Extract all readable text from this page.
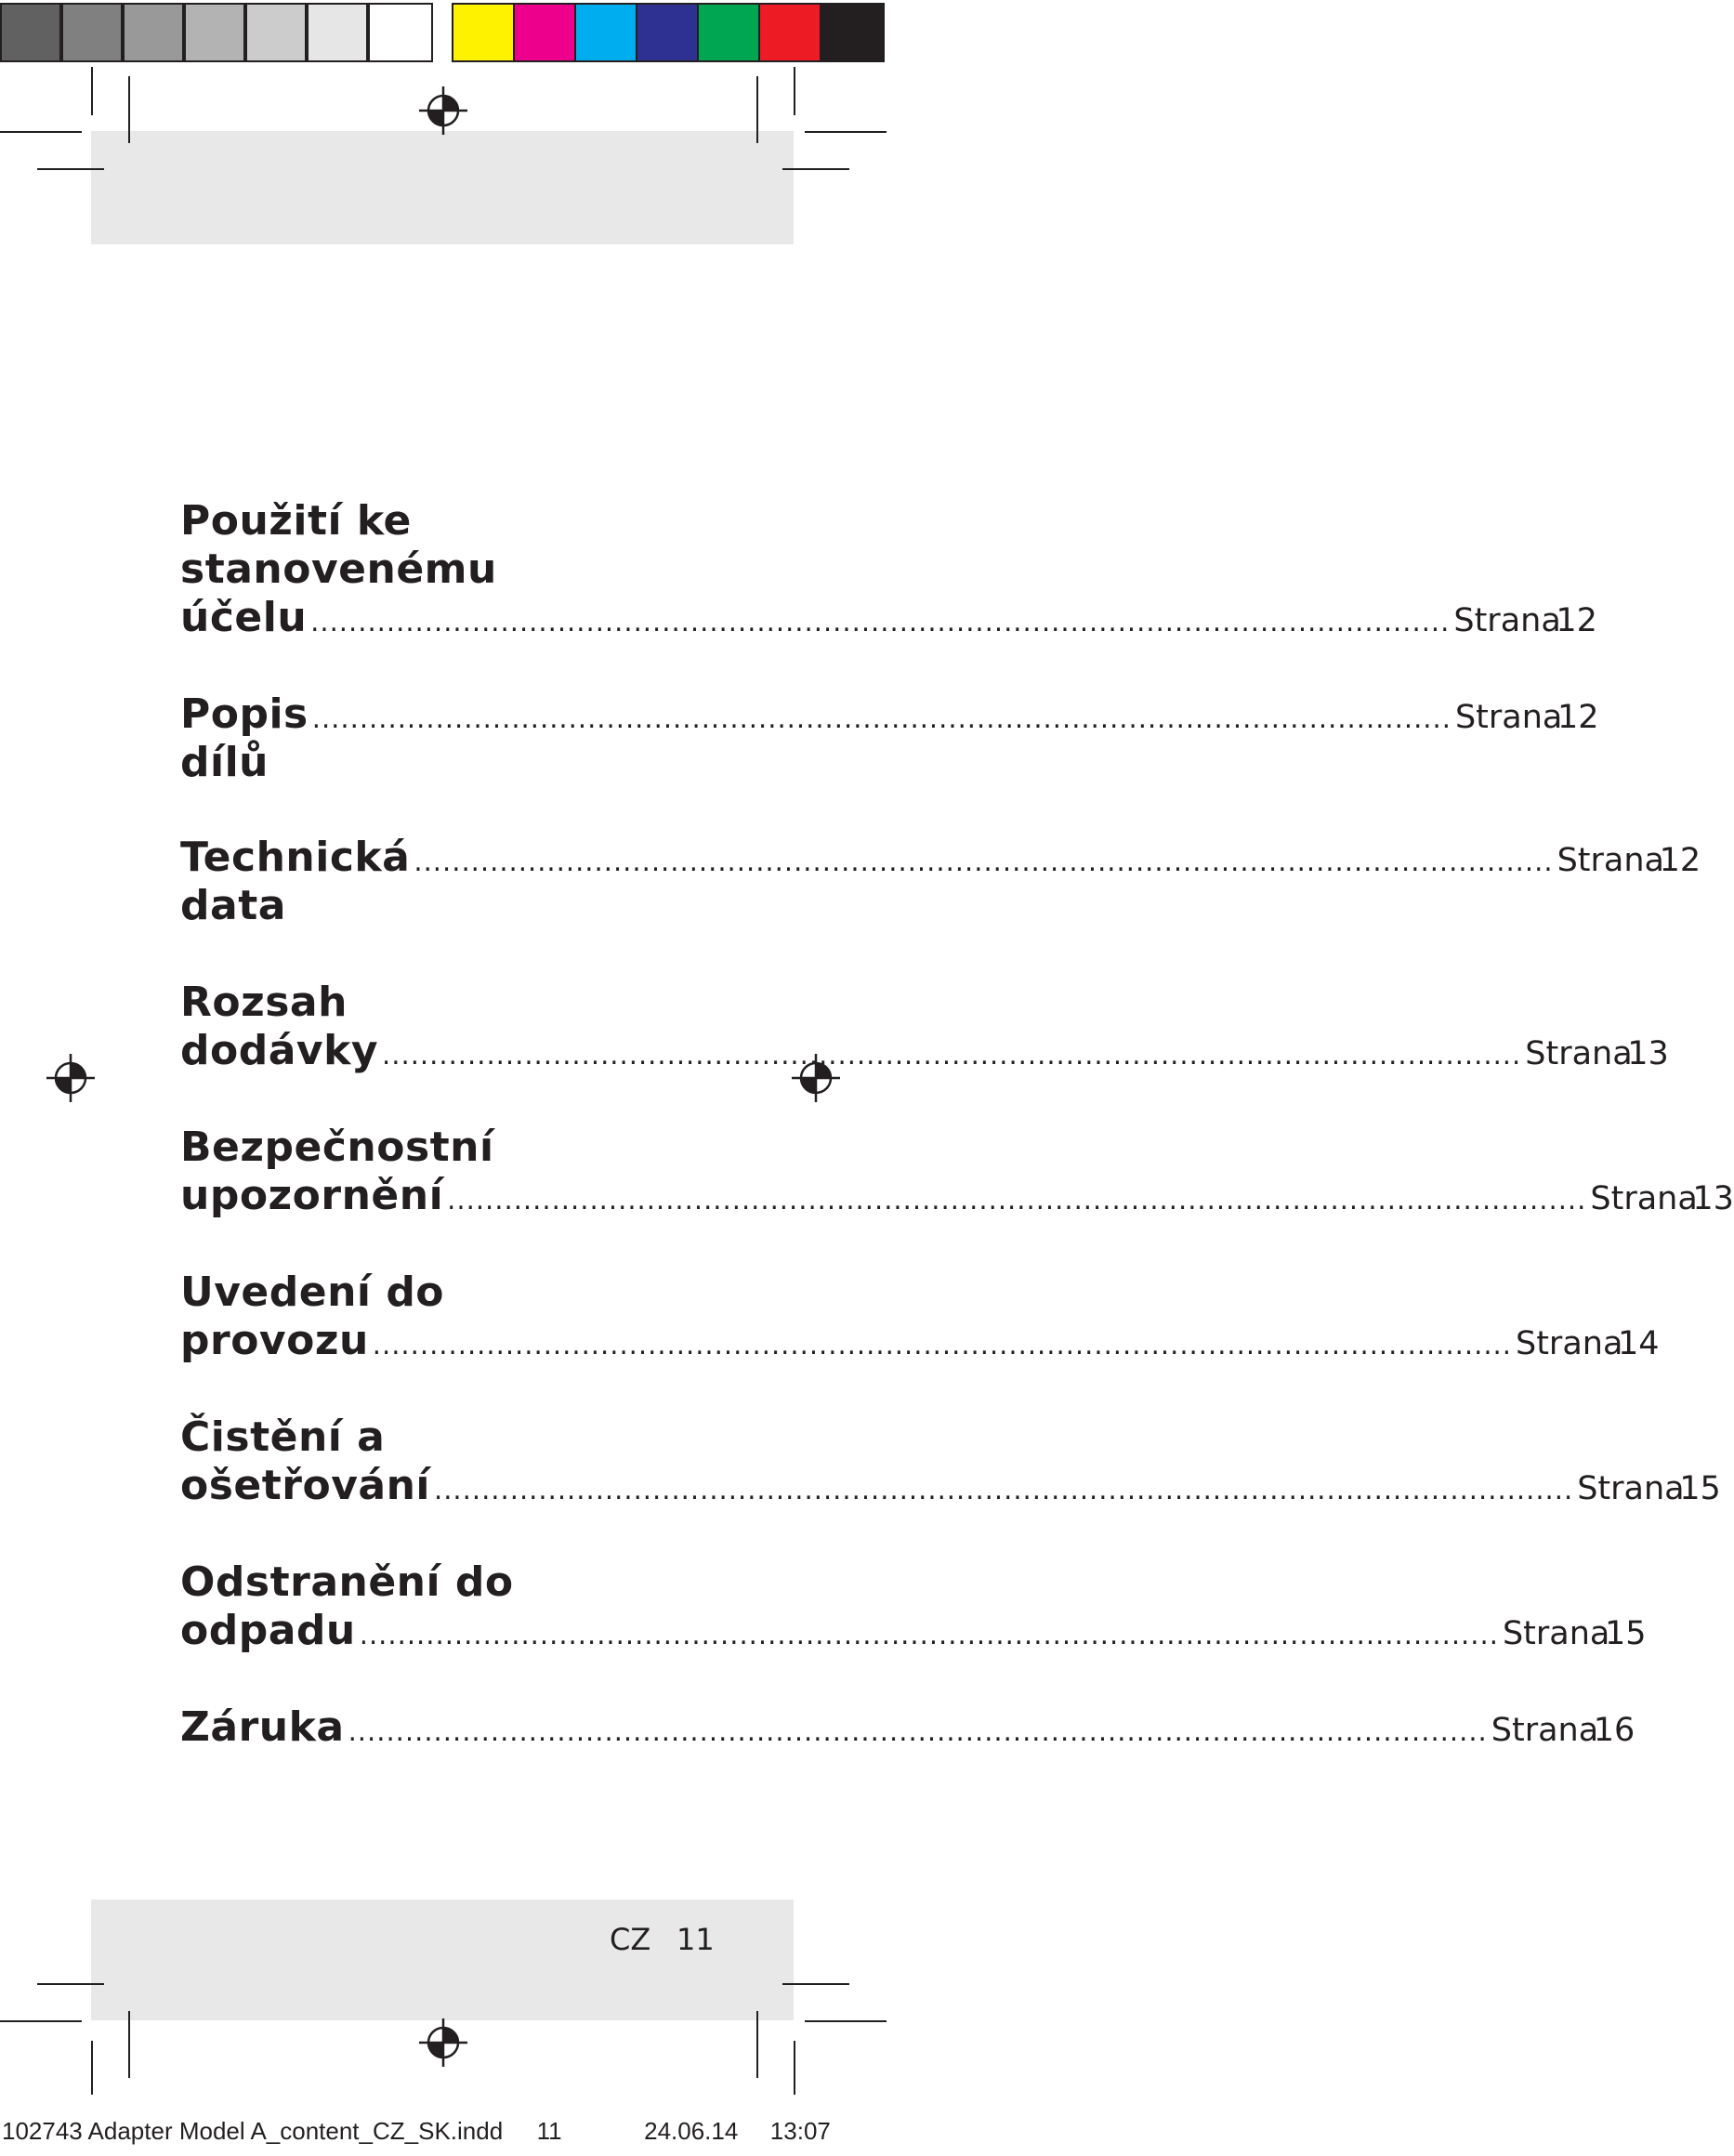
Použití ke
stanovenému
účelu ........................................................................................................................ Strana
12
Popis dílů
........................................................................................................................ Strana
12
Technická data
........................................................................................................................ Strana
12
Rozsah
dodávky ........................................................................................................................ Strana
13
Bezpečnostní
upozornění ........................................................................................................................ Strana
13
Uvedení do
provozu ........................................................................................................................ Strana
14
Čistění a
ošetřování ........................................................................................................................ Strana
15
Odstranění do
odpadu ........................................................................................................................ Strana
15
Záruka ........................................................................................................................ Strana
16
CZ 11
102743 Adapter Model A_content_CZ_SK.indd 11	24.06.14 13:07
